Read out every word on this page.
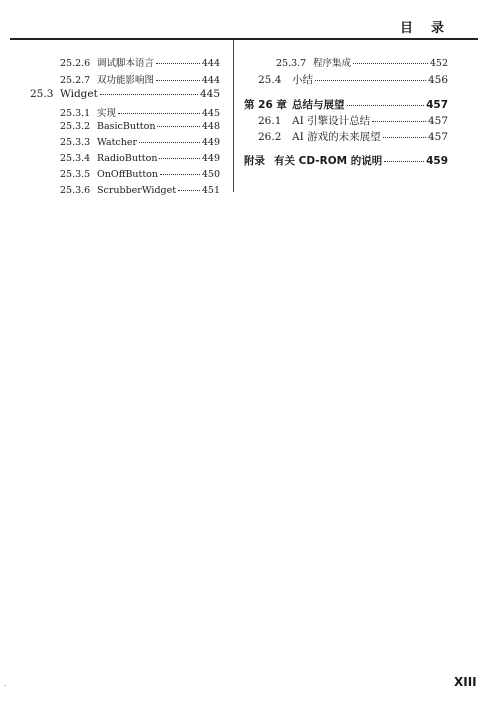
目录
25.2.6 调试脚本语言	444
25.2.7 双功能影响图	444
25.3 Widget	445
25.3.1 实现	445
25.3.2 BasicButton	448
25.3.3 Watcher	449
25.3.4 RadioButton	449
25.3.5 OnOffButton	450
25.3.6 ScrubberWidget	451
25.3.7 程序集成	452
25.4	小结	456
第 26 章 总结与展望	457
26.1	AI 引擎设计总结	457
26.2	AI 游戏的未来展望	457
附录 有关 CD-ROM 的说明	459
.	XIII
